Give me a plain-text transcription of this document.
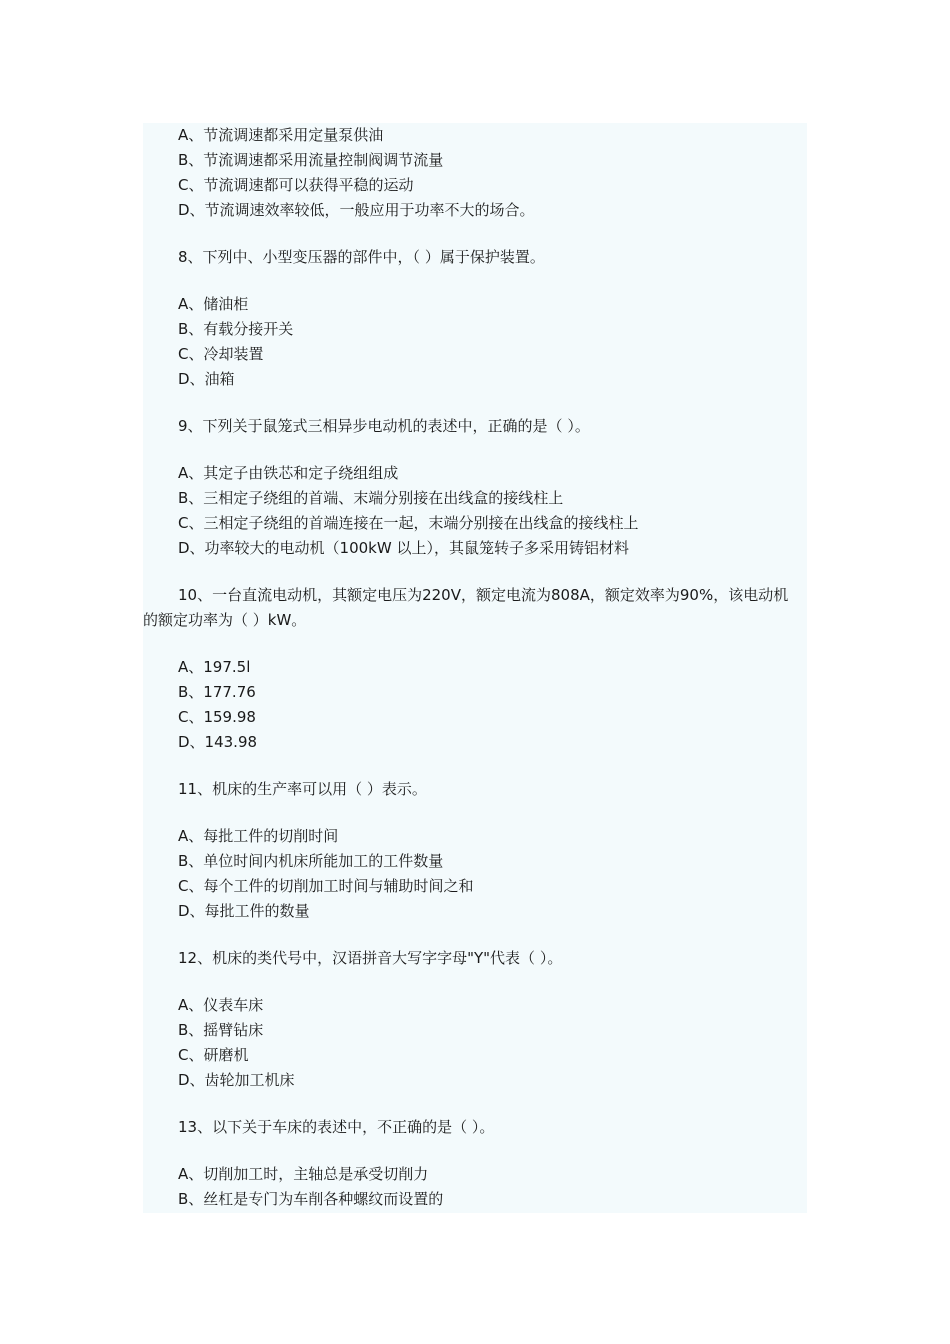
A、节流调速都采用定量泵供油
B、节流调速都采用流量控制阀调节流量
C、节流调速都可以获得平稳的运动
D、节流调速效率较低，一般应用于功率不大的场合。
8、下列中、小型变压器的部件中，（ ）属于保护装置。
A、储油柜
B、有载分接开关
C、冷却装置
D、油箱
9、下列关于鼠笼式三相异步电动机的表述中，正确的是（ ）。
A、其定子由铁芯和定子绕组组成
B、三相定子绕组的首端、末端分别接在出线盒的接线柱上
C、三相定子绕组的首端连接在一起，末端分别接在出线盒的接线柱上
D、功率较大的电动机（100kW 以上），其鼠笼转子多采用铸铝材料
10、一台直流电动机，其额定电压为220V，额定电流为808A，额定效率为90%，该电动机的额定功率为（ ）kW。
A、197.5l
B、177.76
C、159.98
D、143.98
11、机床的生产率可以用（ ）表示。
A、每批工件的切削时间
B、单位时间内机床所能加工的工件数量
C、每个工件的切削加工时间与辅助时间之和
D、每批工件的数量
12、机床的类代号中，汉语拼音大写字字母"Y"代表（ ）。
A、仪表车床
B、摇臂钻床
C、研磨机
D、齿轮加工机床
13、以下关于车床的表述中，不正确的是（ ）。
A、切削加工时，主轴总是承受切削力
B、丝杠是专门为车削各种螺纹而设置的
